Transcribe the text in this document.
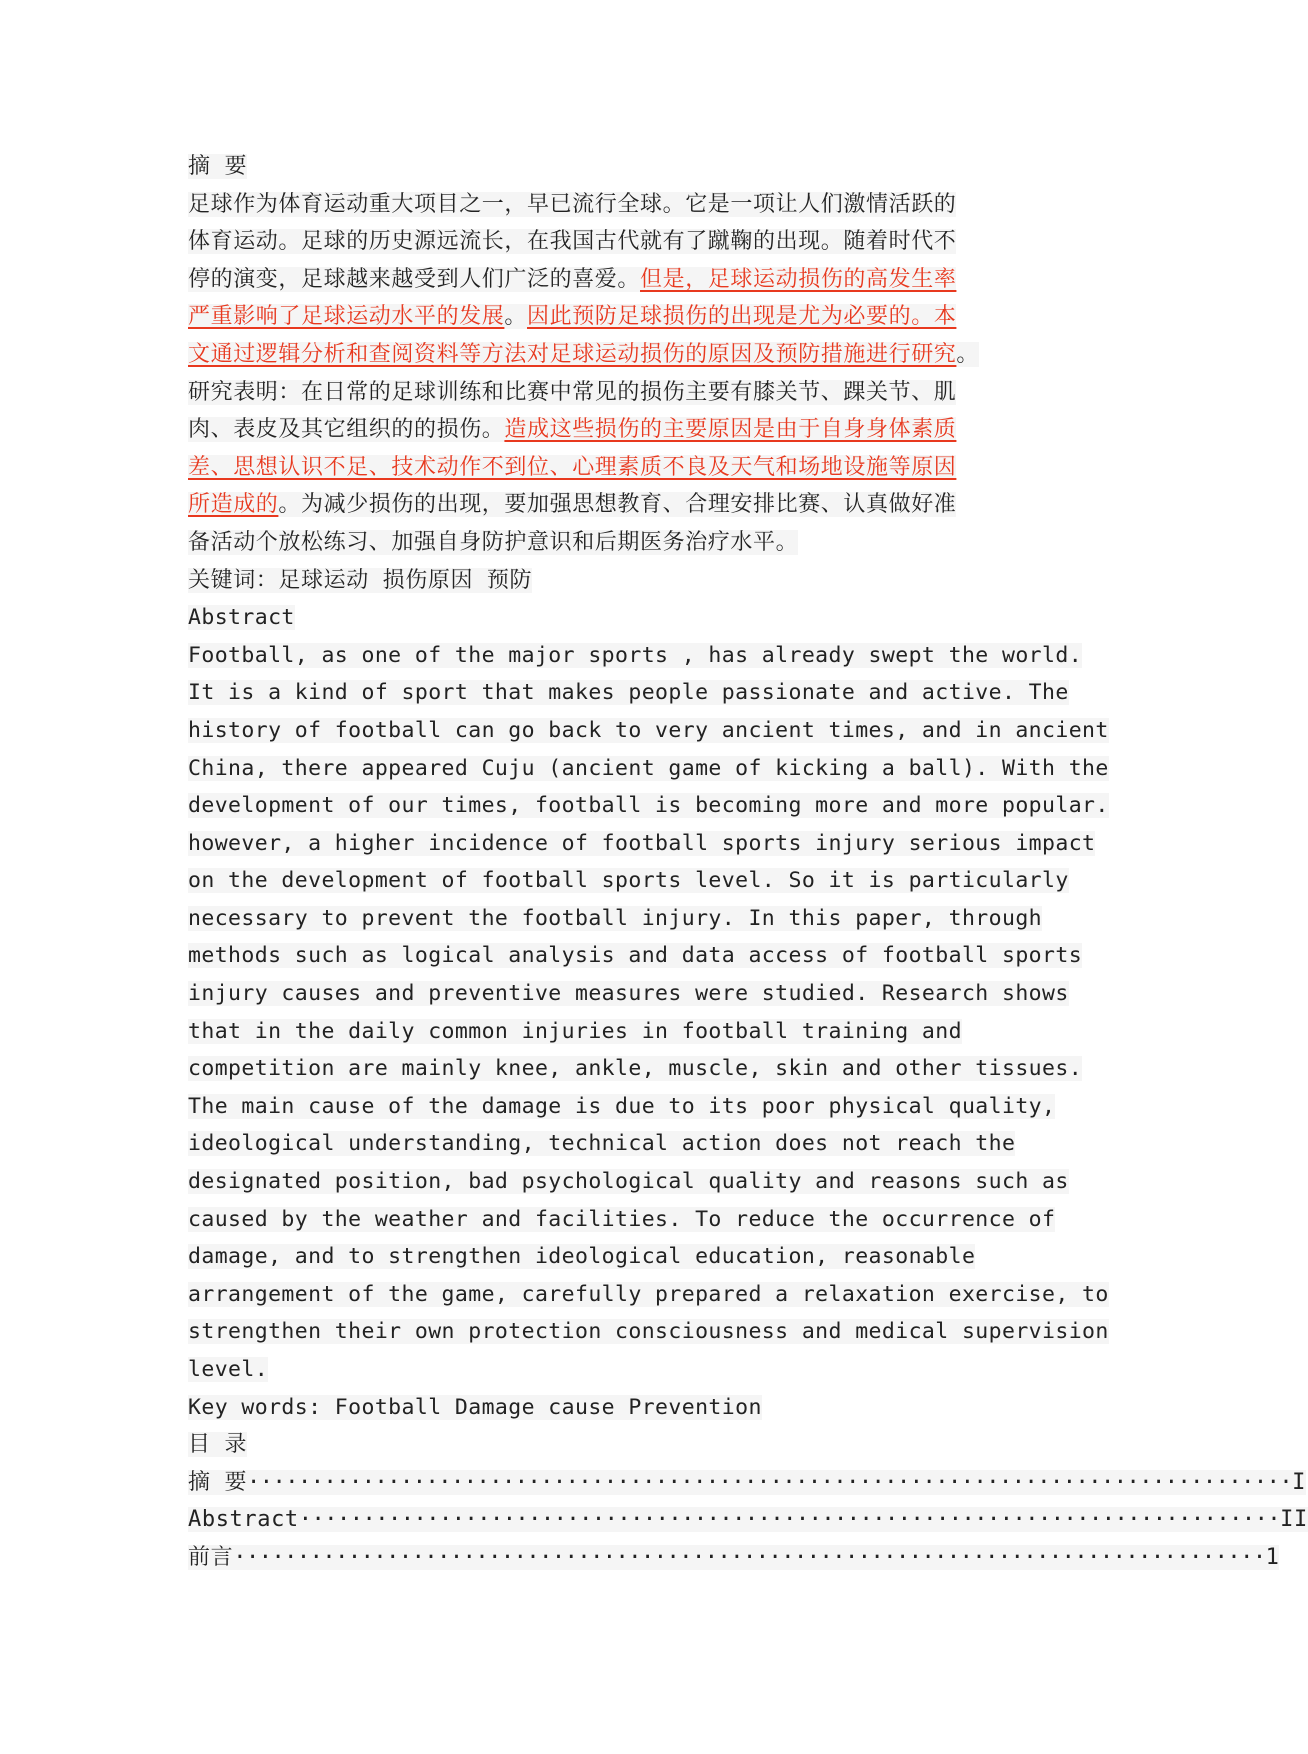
摘 要
足球作为体育运动重大项目之一，早已流行全球。它是一项让人们激情活跃的
体育运动。足球的历史源远流长，在我国古代就有了蹴鞠的出现。随着时代不
停的演变，足球越来越受到人们广泛的喜爱。但是，足球运动损伤的高发生率
严重影响了足球运动水平的发展。因此预防足球损伤的出现是尤为必要的。本
文通过逻辑分析和查阅资料等方法对足球运动损伤的原因及预防措施进行研究。
研究表明：在日常的足球训练和比赛中常见的损伤主要有膝关节、踝关节、肌
肉、表皮及其它组织的的损伤。造成这些损伤的主要原因是由于自身身体素质
差、思想认识不足、技术动作不到位、心理素质不良及天气和场地设施等原因
所造成的。为减少损伤的出现，要加强思想教育、合理安排比赛、认真做好准
备活动个放松练习、加强自身防护意识和后期医务治疗水平。
关键词：足球运动 损伤原因 预防
Abstract
Football, as one of the major sports , has already swept the world.
It is a kind of sport that makes people passionate and active. The
history of football can go back to very ancient times, and in ancient
China, there appeared Cuju (ancient game of kicking a ball). With the
development of our times, football is becoming more and more popular.
however, a higher incidence of football sports injury serious impact
on the development of football sports level. So it is particularly
necessary to prevent the football injury. In this paper, through
methods such as logical analysis and data access of football sports
injury causes and preventive measures were studied. Research shows
that in the daily common injuries in football training and
competition are mainly knee, ankle, muscle, skin and other tissues.
The main cause of the damage is due to its poor physical quality,
ideological understanding, technical action does not reach the
designated position, bad psychological quality and reasons such as
caused by the weather and facilities. To reduce the occurrence of
damage, and to strengthen ideological education, reasonable
arrangement of the game, carefully prepared a relaxation exercise, to
strengthen their own protection consciousness and medical supervision
level.
Key words: Football Damage cause Prevention
目 录
摘 要··················································································I
Abstract·············································································II
前言·················································································1
